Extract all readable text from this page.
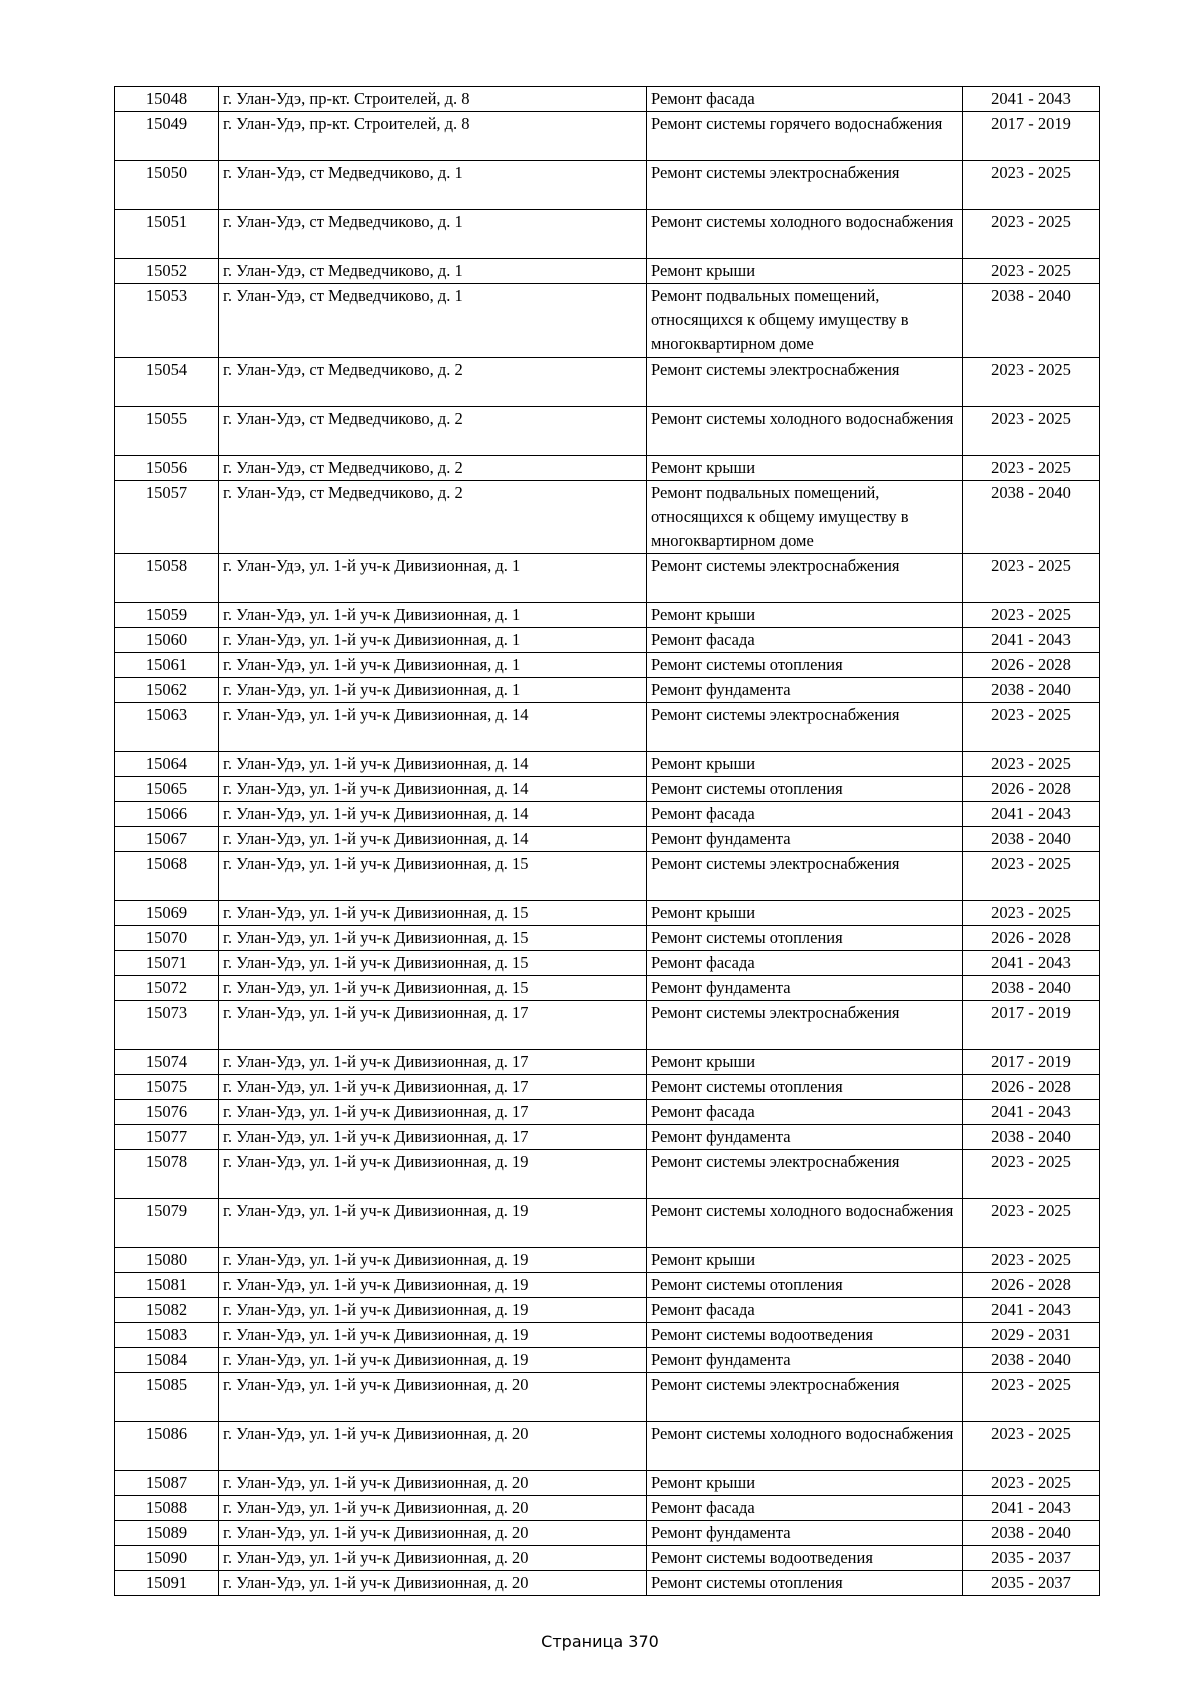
15048	г. Улан-Удэ, пр-кт. Строителей, д. 8	Ремонт фасада	2041 - 2043
15049	г. Улан-Удэ, пр-кт. Строителей, д. 8	Ремонт системы горячего водоснабжения	2017 - 2019
15050	г. Улан-Удэ, ст Медведчиково, д. 1	Ремонт системы электроснабжения	2023 - 2025
15051	г. Улан-Удэ, ст Медведчиково, д. 1	Ремонт системы холодного водоснабжения	2023 - 2025
15052	г. Улан-Удэ, ст Медведчиково, д. 1	Ремонт крыши	2023 - 2025
15053	г. Улан-Удэ, ст Медведчиково, д. 1	Ремонт подвальных помещений, относящихся к общему имуществу в многоквартирном доме	2038 - 2040
15054	г. Улан-Удэ, ст Медведчиково, д. 2	Ремонт системы электроснабжения	2023 - 2025
15055	г. Улан-Удэ, ст Медведчиково, д. 2	Ремонт системы холодного водоснабжения	2023 - 2025
15056	г. Улан-Удэ, ст Медведчиково, д. 2	Ремонт крыши	2023 - 2025
15057	г. Улан-Удэ, ст Медведчиково, д. 2	Ремонт подвальных помещений, относящихся к общему имуществу в многоквартирном доме	2038 - 2040
15058	г. Улан-Удэ, ул. 1-й уч-к Дивизионная, д. 1	Ремонт системы электроснабжения	2023 - 2025
15059	г. Улан-Удэ, ул. 1-й уч-к Дивизионная, д. 1	Ремонт крыши	2023 - 2025
15060	г. Улан-Удэ, ул. 1-й уч-к Дивизионная, д. 1	Ремонт фасада	2041 - 2043
15061	г. Улан-Удэ, ул. 1-й уч-к Дивизионная, д. 1	Ремонт системы отопления	2026 - 2028
15062	г. Улан-Удэ, ул. 1-й уч-к Дивизионная, д. 1	Ремонт фундамента	2038 - 2040
15063	г. Улан-Удэ, ул. 1-й уч-к Дивизионная, д. 14	Ремонт системы электроснабжения	2023 - 2025
15064	г. Улан-Удэ, ул. 1-й уч-к Дивизионная, д. 14	Ремонт крыши	2023 - 2025
15065	г. Улан-Удэ, ул. 1-й уч-к Дивизионная, д. 14	Ремонт системы отопления	2026 - 2028
15066	г. Улан-Удэ, ул. 1-й уч-к Дивизионная, д. 14	Ремонт фасада	2041 - 2043
15067	г. Улан-Удэ, ул. 1-й уч-к Дивизионная, д. 14	Ремонт фундамента	2038 - 2040
15068	г. Улан-Удэ, ул. 1-й уч-к Дивизионная, д. 15	Ремонт системы электроснабжения	2023 - 2025
15069	г. Улан-Удэ, ул. 1-й уч-к Дивизионная, д. 15	Ремонт крыши	2023 - 2025
15070	г. Улан-Удэ, ул. 1-й уч-к Дивизионная, д. 15	Ремонт системы отопления	2026 - 2028
15071	г. Улан-Удэ, ул. 1-й уч-к Дивизионная, д. 15	Ремонт фасада	2041 - 2043
15072	г. Улан-Удэ, ул. 1-й уч-к Дивизионная, д. 15	Ремонт фундамента	2038 - 2040
15073	г. Улан-Удэ, ул. 1-й уч-к Дивизионная, д. 17	Ремонт системы электроснабжения	2017 - 2019
15074	г. Улан-Удэ, ул. 1-й уч-к Дивизионная, д. 17	Ремонт крыши	2017 - 2019
15075	г. Улан-Удэ, ул. 1-й уч-к Дивизионная, д. 17	Ремонт системы отопления	2026 - 2028
15076	г. Улан-Удэ, ул. 1-й уч-к Дивизионная, д. 17	Ремонт фасада	2041 - 2043
15077	г. Улан-Удэ, ул. 1-й уч-к Дивизионная, д. 17	Ремонт фундамента	2038 - 2040
15078	г. Улан-Удэ, ул. 1-й уч-к Дивизионная, д. 19	Ремонт системы электроснабжения	2023 - 2025
15079	г. Улан-Удэ, ул. 1-й уч-к Дивизионная, д. 19	Ремонт системы холодного водоснабжения	2023 - 2025
15080	г. Улан-Удэ, ул. 1-й уч-к Дивизионная, д. 19	Ремонт крыши	2023 - 2025
15081	г. Улан-Удэ, ул. 1-й уч-к Дивизионная, д. 19	Ремонт системы отопления	2026 - 2028
15082	г. Улан-Удэ, ул. 1-й уч-к Дивизионная, д. 19	Ремонт фасада	2041 - 2043
15083	г. Улан-Удэ, ул. 1-й уч-к Дивизионная, д. 19	Ремонт системы водоотведения	2029 - 2031
15084	г. Улан-Удэ, ул. 1-й уч-к Дивизионная, д. 19	Ремонт фундамента	2038 - 2040
15085	г. Улан-Удэ, ул. 1-й уч-к Дивизионная, д. 20	Ремонт системы электроснабжения	2023 - 2025
15086	г. Улан-Удэ, ул. 1-й уч-к Дивизионная, д. 20	Ремонт системы холодного водоснабжения	2023 - 2025
15087	г. Улан-Удэ, ул. 1-й уч-к Дивизионная, д. 20	Ремонт крыши	2023 - 2025
15088	г. Улан-Удэ, ул. 1-й уч-к Дивизионная, д. 20	Ремонт фасада	2041 - 2043
15089	г. Улан-Удэ, ул. 1-й уч-к Дивизионная, д. 20	Ремонт фундамента	2038 - 2040
15090	г. Улан-Удэ, ул. 1-й уч-к Дивизионная, д. 20	Ремонт системы водоотведения	2035 - 2037
15091	г. Улан-Удэ, ул. 1-й уч-к Дивизионная, д. 20	Ремонт системы отопления	2035 - 2037
Страница 370
